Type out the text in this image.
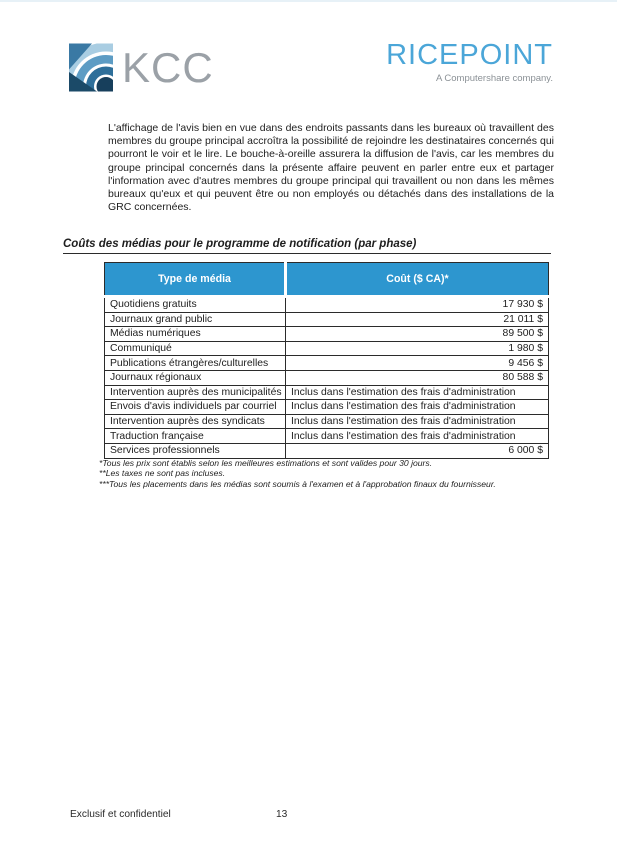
KCC	RICEPOINT
A Computershare company.
L'affichage de l'avis bien en vue dans des endroits passants dans les bureaux où travaillent des membres du groupe principal accroîtra la possibilité de rejoindre les destinataires concernés qui pourront le voir et le lire. Le bouche-à-oreille assurera la diffusion de l'avis, car les membres du groupe principal concernés dans la présente affaire peuvent en parler entre eux et partager l'information avec d'autres membres du groupe principal qui travaillent ou non dans les mêmes bureaux qu'eux et qui peuvent être ou non employés ou détachés dans des installations de la GRC concernées.
Coûts des médias pour le programme de notification (par phase)
Type de média	Coût ($ CA)*
Quotidiens gratuits	17 930 $
Journaux grand public	21 011 $
Médias numériques	89 500 $
Communiqué	1 980 $
Publications étrangères/culturelles	9 456 $
Journaux régionaux	80 588 $
Intervention auprès des municipalités	Inclus dans l'estimation des frais d'administration
Envois d'avis individuels par courriel	Inclus dans l'estimation des frais d'administration
Intervention auprès des syndicats	Inclus dans l'estimation des frais d'administration
Traduction française	Inclus dans l'estimation des frais d'administration
Services professionnels	6 000 $
*Tous les prix sont établis selon les meilleures estimations et sont valides pour 30 jours.
**Les taxes ne sont pas incluses.
***Tous les placements dans les médias sont soumis à l'examen et à l'approbation finaux du fournisseur.
Exclusif et confidentiel	13
